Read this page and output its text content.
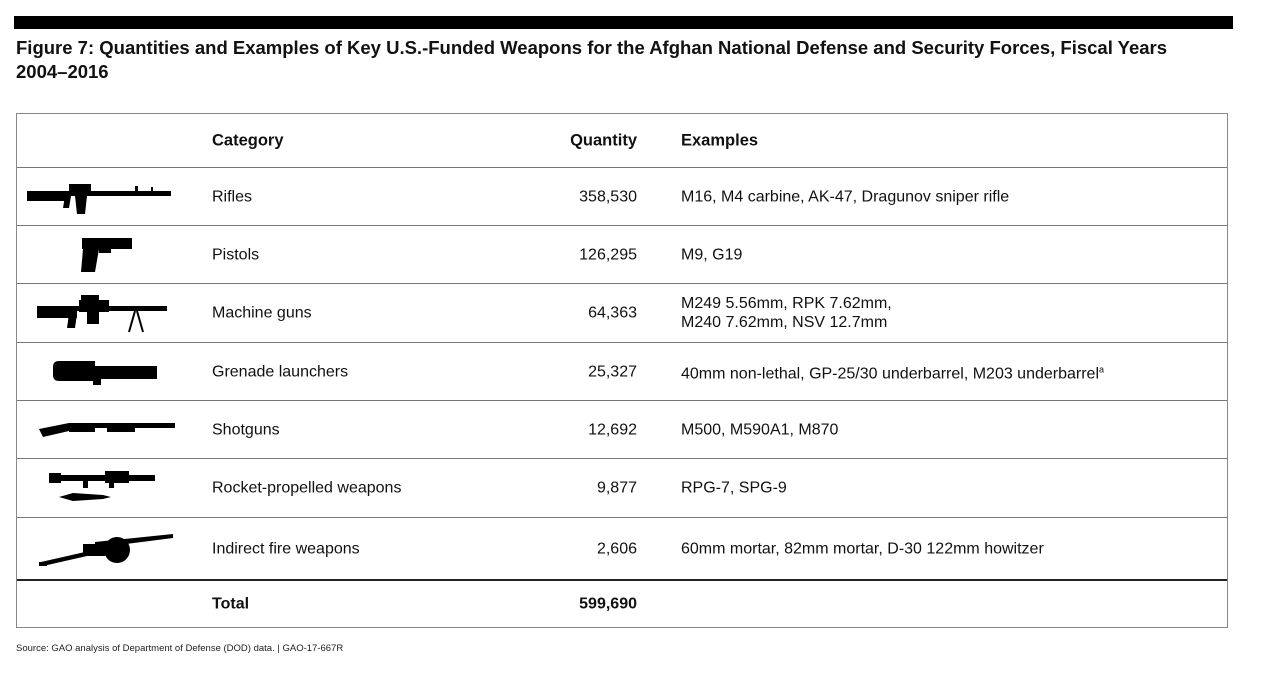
Figure 7: Quantities and Examples of Key U.S.-Funded Weapons for the Afghan National Defense and Security Forces, Fiscal Years 2004–2016
Category	Quantity	Examples
Rifles	358,530	M16, M4 carbine, AK-47, Dragunov sniper rifle
Pistols	126,295	M9, G19
Machine guns	64,363
M249 5.56mm, RPK 7.62mm,
M240 7.62mm, NSV 12.7mm
Grenade launchers	25,327	40mm non-lethal, GP-25/30 underbarrel, M203 underbarrel$^a$
Shotguns	12,692	M500, M590A1, M870
Rocket-propelled weapons	9,877	RPG-7, SPG-9
Indirect fire weapons	2,606	60mm mortar, 82mm mortar, D-30 122mm howitzer
Total	599,690

Source: GAO analysis of Department of Defense (DOD) data. | GAO-17-667R
